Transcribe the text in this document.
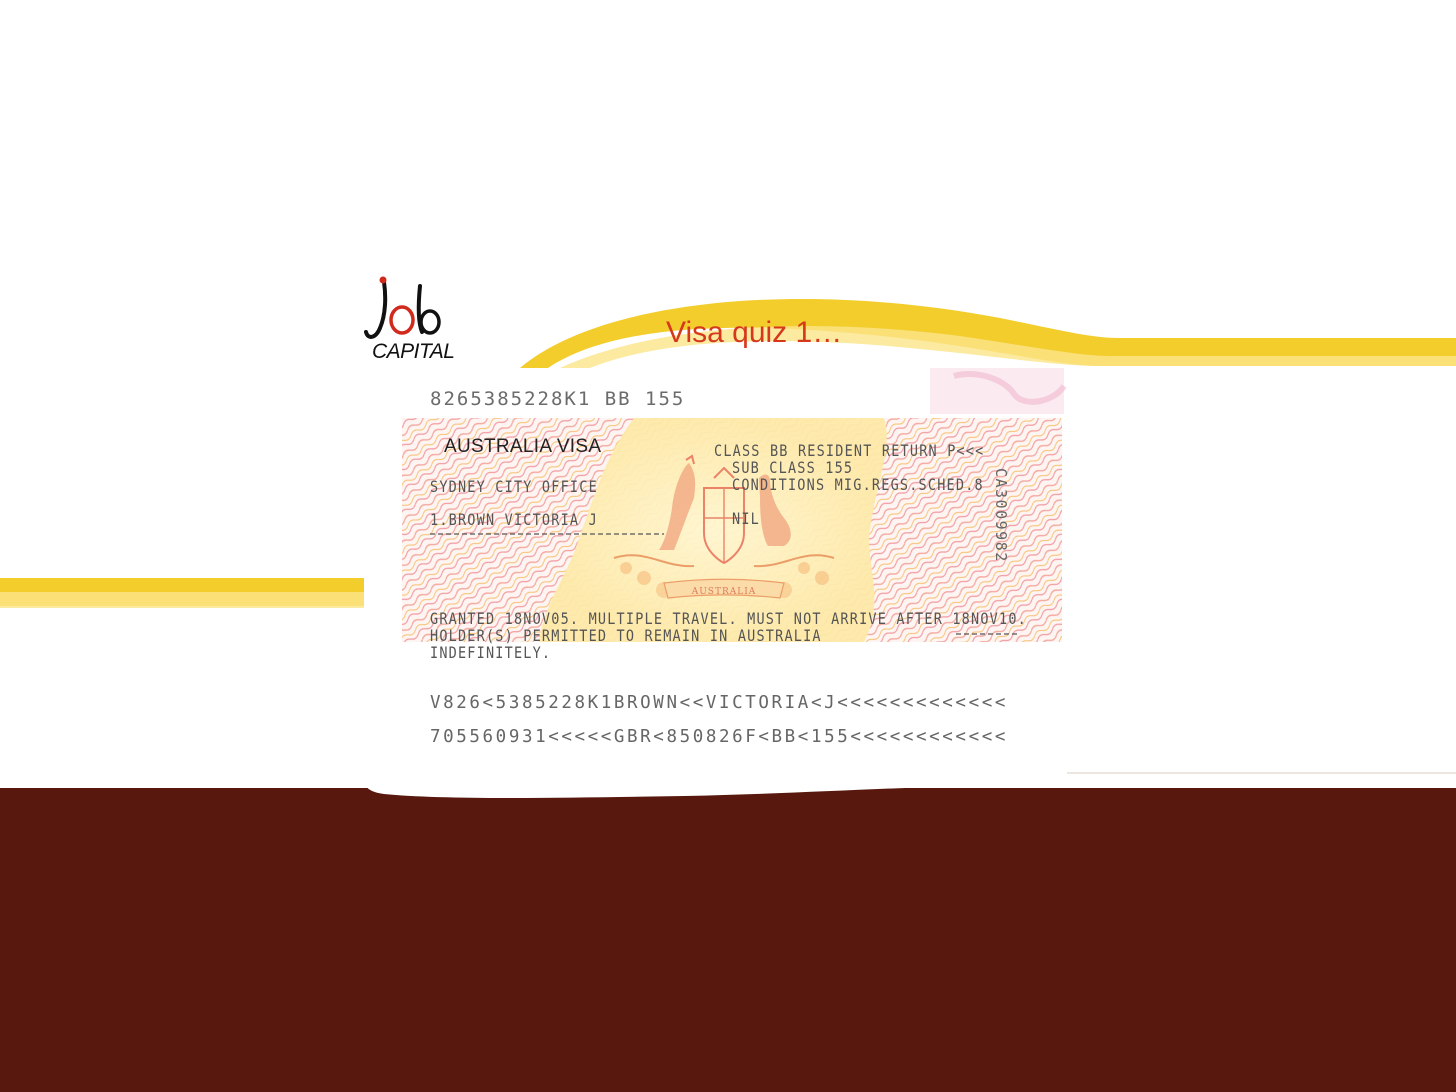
CAPITAL
Visa quiz 1…
AUSTRALIA
8265385228K1 BB 155
AUSTRALIA VISA
SYDNEY CITY OFFICE
1.BROWN VICTORIA J
CLASS BB RESIDENT RETURN P<<<
SUB CLASS 155
CONDITIONS MIG.REGS.SCHED.8
NIL	CA3009982
GRANTED 18NOV05. MULTIPLE TRAVEL. MUST NOT ARRIVE AFTER 18NOV10.
HOLDER(S) PERMITTED TO REMAIN IN AUSTRALIA
INDEFINITELY.
V826<5385228K1BROWN<<VICTORIA<J<<<<<<<<<<<<<
705560931<<<<<GBR<850826F<BB<155<<<<<<<<<<<<
